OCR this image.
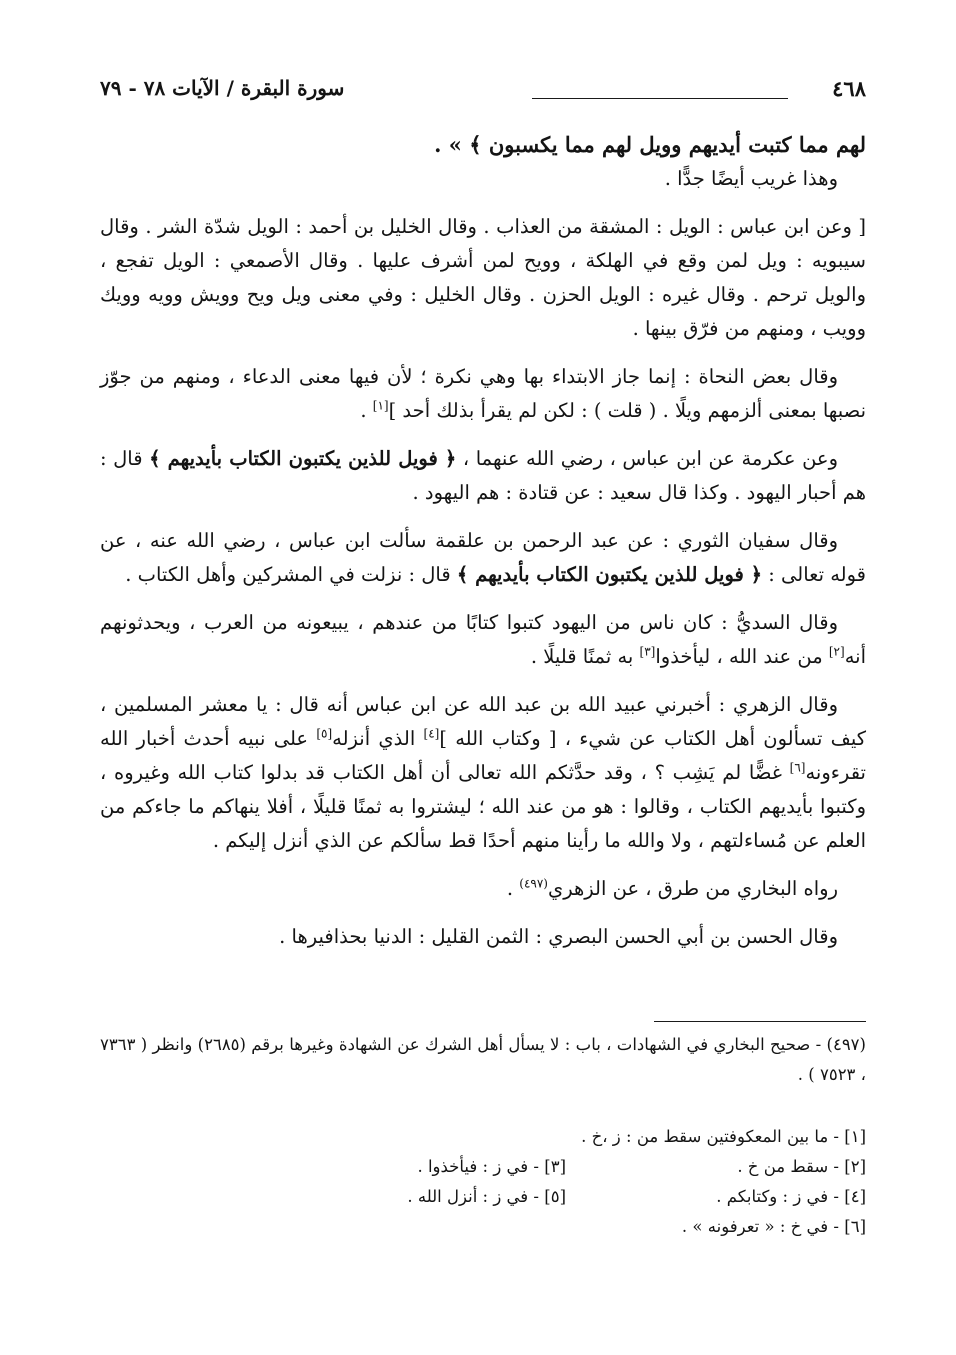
٤٦٨
سورة البقرة / الآيات ٧٨ - ٧٩

لهم مما كتبت أيديهم وويل لهم مما يكسبون ﴾ » .

وهذا غريب أيضًا جدًّا .

[ وعن ابن عباس : الويل : المشقة من العذاب . وقال الخليل بن أحمد : الويل شدّة الشر . وقال سيبويه : ويل لمن وقع في الهلكة ، وويح لمن أشرف عليها . وقال الأصمعي : الويل تفجع ، والويل ترحم . وقال غيره : الويل الحزن . وقال الخليل : وفي معنى ويل ويح وويش وويه وويك وويب ، ومنهم من فرّق بينها .

وقال بعض النحاة : إنما جاز الابتداء بها وهي نكرة ؛ لأن فيها معنى الدعاء ، ومنهم من جوّز نصبها بمعنى ألزمهم ويلًا . ( قلت ) : لكن لم يقرأ بذلك أحد ][١] .

وعن عكرمة عن ابن عباس ، رضي الله عنهما ، ﴿ فويل للذين يكتبون الكتاب بأيديهم ﴾ قال : هم أحبار اليهود . وكذا قال سعيد : عن قتادة : هم اليهود .

وقال سفيان الثوري : عن عبد الرحمن بن علقمة سألت ابن عباس ، رضي الله عنه ، عن قوله تعالى : ﴿ فويل للذين يكتبون الكتاب بأيديهم ﴾ قال : نزلت في المشركين وأهل الكتاب .

وقال السديُّ : كان ناس من اليهود كتبوا كتابًا من عندهم ، يبيعونه من العرب ، ويحدثونهم أنه[٢] من عند الله ، ليأخذوا[٣] به ثمنًا قليلًا .

وقال الزهري : أخبرني عبيد الله بن عبد الله عن ابن عباس أنه قال : يا معشر المسلمين ، كيف تسألون أهل الكتاب عن شيء ، [ وكتاب الله ][٤] الذي أنزله[٥] على نبيه أحدث أخبار الله تقرءونه[٦] غضًّا لم يَشِب ؟ ، وقد حدَّثكم الله تعالى أن أهل الكتاب قد بدلوا كتاب الله وغيروه ، وكتبوا بأيديهم الكتاب ، وقالوا : هو من عند الله ؛ ليشتروا به ثمنًا قليلًا ، أفلا ينهاكم ما جاءكم من العلم عن مُساءلتهم ، ولا والله ما رأينا منهم أحدًا قط سألكم عن الذي أنزل إليكم .

رواه البخاري من طرق ، عن الزهري$^{(٤٩٧)}$ .

وقال الحسن بن أبي الحسن البصري : الثمن القليل : الدنيا بحذافيرها .

(٤٩٧) - صحيح البخاري في الشهادات ، باب : لا يسأل أهل الشرك عن الشهادة وغيرها برقم (٢٦٨٥) وانظر ( ٧٣٦٣ ، ٧٥٢٣ ) .

[١] - ما بين المعكوفتين سقط من : ز ،خ .
[٢] - سقط من خ .
[٣] - في ز : فيأخذوا .
[٤] - في ز : وكتابكم .
[٥] - في ز : أنزل الله .
[٦] - في خ : « تعرفونه » .
